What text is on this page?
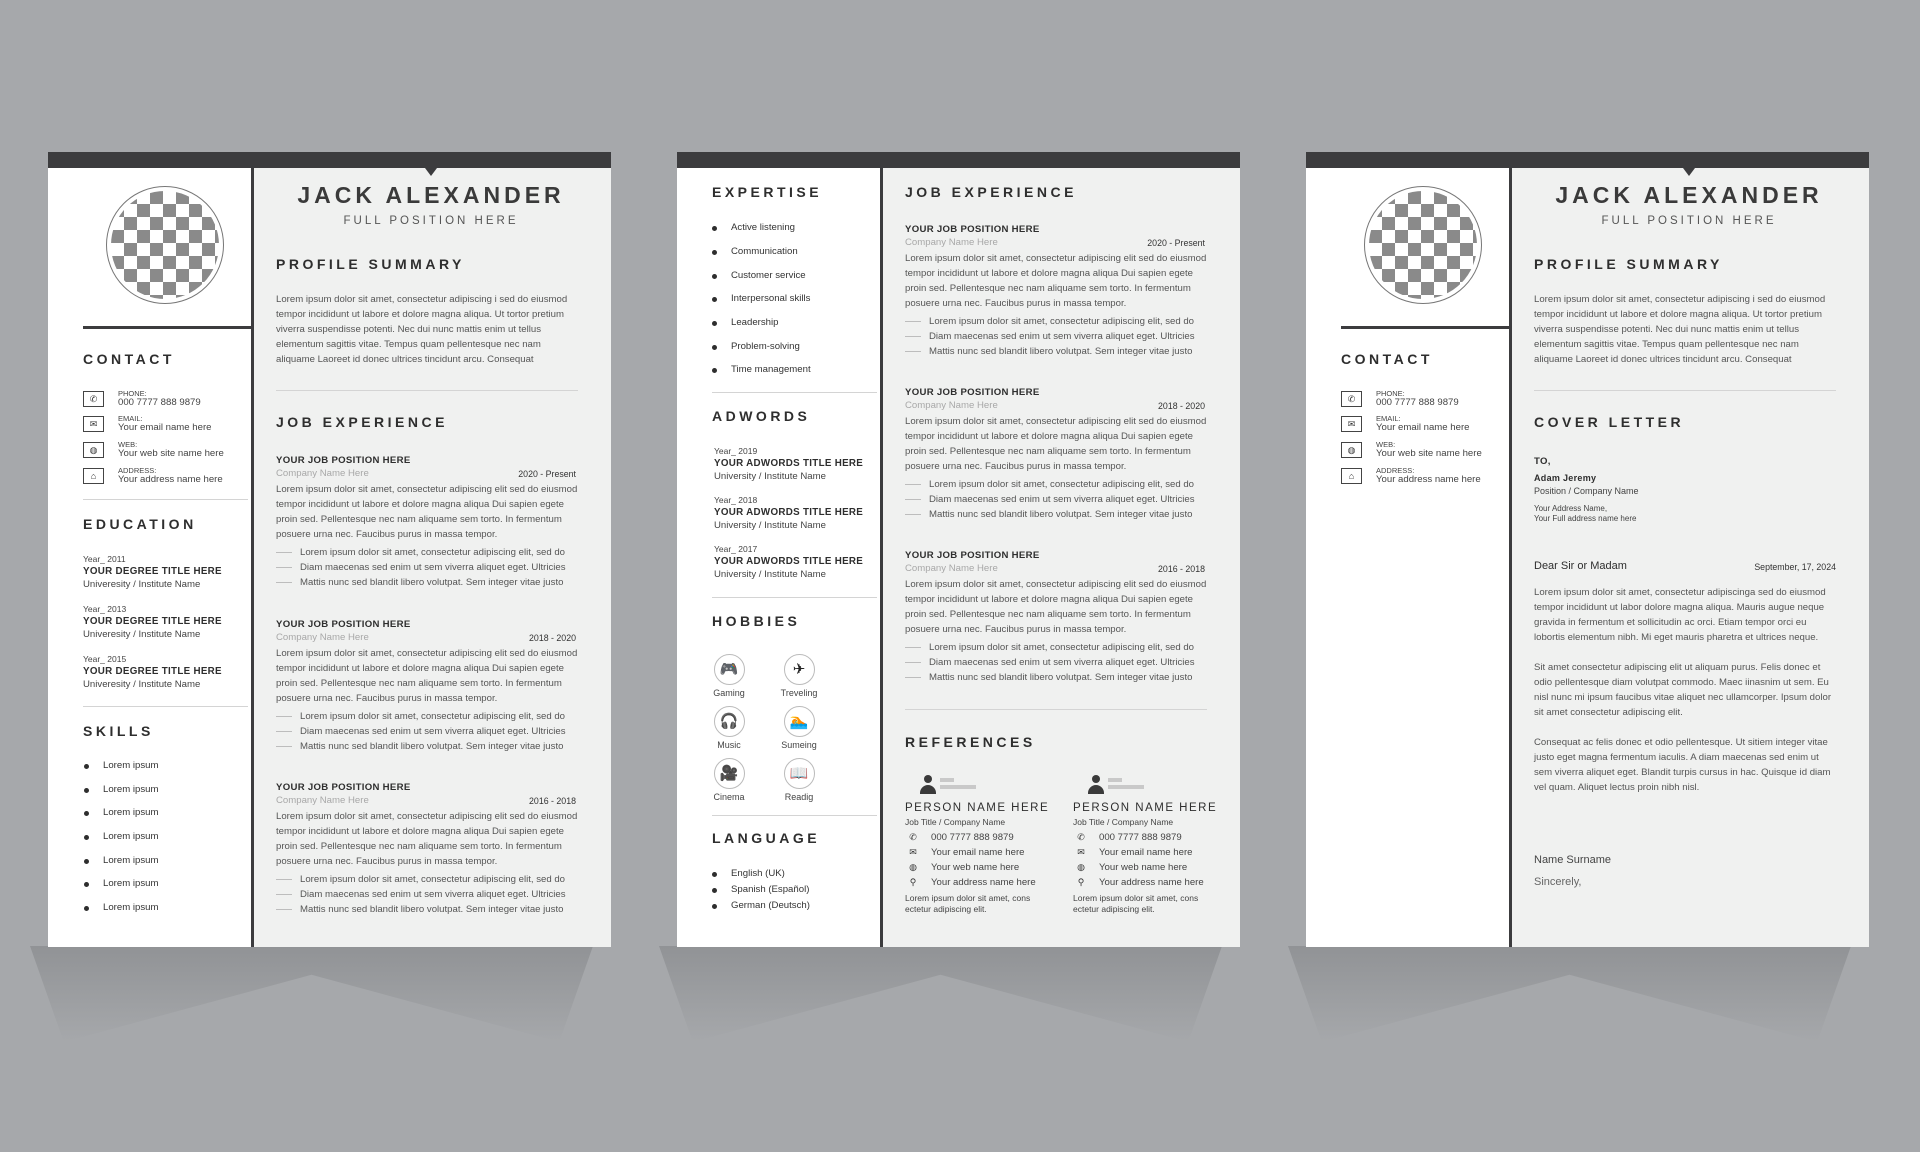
CONTACT
✆
PHONE:
000 7777 888 9879
✉
EMAIL:
Your email name here
◍
WEB:
Your web site name here
⌂
ADDRESS:
Your address name here
EDUCATION
Year_ 2011
YOUR DEGREE TITLE HERE
Univeresity / Institute Name
Year_ 2013
YOUR DEGREE TITLE HERE
Univeresity / Institute Name
Year_ 2015
YOUR DEGREE TITLE HERE
Univeresity / Institute Name
SKILLS
Lorem ipsum
Lorem ipsum
Lorem ipsum
Lorem ipsum
Lorem ipsum
Lorem ipsum
Lorem ipsum
JACK ALEXANDER
FULL POSITION HERE
PROFILE SUMMARY
Lorem ipsum dolor sit amet, consectetur adipiscing i sed do eiusmod tempor incididunt ut labore et dolore magna aliqua. Ut tortor pretium viverra suspendisse potenti. Nec dui nunc mattis enim ut tellus elementum sagittis vitae. Tempus quam pellentesque nec nam aliquame Laoreet id donec ultrices tincidunt arcu. Consequat
JOB EXPERIENCE
YOUR JOB POSITION HERE
Company Name Here	2020 - Present
Lorem ipsum dolor sit amet, consectetur adipiscing elit sed do eiusmod tempor incididunt ut labore et dolore magna aliqua Dui sapien egete proin sed. Pellentesque nec nam aliquame sem torto. In fermentum posuere urna nec. Faucibus purus in massa tempor.
Lorem ipsum dolor sit amet, consectetur adipiscing elit, sed do
Diam maecenas sed enim ut sem viverra aliquet eget. Ultricies
Mattis nunc sed blandit libero volutpat. Sem integer vitae justo
YOUR JOB POSITION HERE
Company Name Here	2018 - 2020
Lorem ipsum dolor sit amet, consectetur adipiscing elit sed do eiusmod tempor incididunt ut labore et dolore magna aliqua Dui sapien egete proin sed. Pellentesque nec nam aliquame sem torto. In fermentum posuere urna nec. Faucibus purus in massa tempor.
Lorem ipsum dolor sit amet, consectetur adipiscing elit, sed do
Diam maecenas sed enim ut sem viverra aliquet eget. Ultricies
Mattis nunc sed blandit libero volutpat. Sem integer vitae justo
YOUR JOB POSITION HERE
Company Name Here	2016 - 2018
Lorem ipsum dolor sit amet, consectetur adipiscing elit sed do eiusmod tempor incididunt ut labore et dolore magna aliqua Dui sapien egete proin sed. Pellentesque nec nam aliquame sem torto. In fermentum posuere urna nec. Faucibus purus in massa tempor.
Lorem ipsum dolor sit amet, consectetur adipiscing elit, sed do
Diam maecenas sed enim ut sem viverra aliquet eget. Ultricies
Mattis nunc sed blandit libero volutpat. Sem integer vitae justo
EXPERTISE
Active listening
Communication
Customer service
Interpersonal skills
Leadership
Problem-solving
Time management
ADWORDS
Year_ 2019
YOUR ADWORDS TITLE HERE
University / Institute Name
Year_ 2018
YOUR ADWORDS TITLE HERE
University / Institute Name
Year_ 2017
YOUR ADWORDS TITLE HERE
University / Institute Name
HOBBIES
🎮
Gaming
✈
Treveling
🎧
Music
🏊
Sumeing
🎥
Cinema
📖
Readig
LANGUAGE
English (UK)
Spanish (Español)
German (Deutsch)
JOB EXPERIENCE
YOUR JOB POSITION HERE
Company Name Here	2020 - Present
Lorem ipsum dolor sit amet, consectetur adipiscing elit sed do eiusmod tempor incididunt ut labore et dolore magna aliqua Dui sapien egete proin sed. Pellentesque nec nam aliquame sem torto. In fermentum posuere urna nec. Faucibus purus in massa tempor.
Lorem ipsum dolor sit amet, consectetur adipiscing elit, sed do
Diam maecenas sed enim ut sem viverra aliquet eget. Ultricies
Mattis nunc sed blandit libero volutpat. Sem integer vitae justo
YOUR JOB POSITION HERE
Company Name Here	2018 - 2020
Lorem ipsum dolor sit amet, consectetur adipiscing elit sed do eiusmod tempor incididunt ut labore et dolore magna aliqua Dui sapien egete proin sed. Pellentesque nec nam aliquame sem torto. In fermentum posuere urna nec. Faucibus purus in massa tempor.
Lorem ipsum dolor sit amet, consectetur adipiscing elit, sed do
Diam maecenas sed enim ut sem viverra aliquet eget. Ultricies
Mattis nunc sed blandit libero volutpat. Sem integer vitae justo
YOUR JOB POSITION HERE
Company Name Here	2016 - 2018
Lorem ipsum dolor sit amet, consectetur adipiscing elit sed do eiusmod tempor incididunt ut labore et dolore magna aliqua Dui sapien egete proin sed. Pellentesque nec nam aliquame sem torto. In fermentum posuere urna nec. Faucibus purus in massa tempor.
Lorem ipsum dolor sit amet, consectetur adipiscing elit, sed do
Diam maecenas sed enim ut sem viverra aliquet eget. Ultricies
Mattis nunc sed blandit libero volutpat. Sem integer vitae justo
REFERENCES
PERSON NAME HERE
Job Title / Company Name
✆ 000 7777 888 9879
✉ Your email name here
◍ Your web name here
⚲ Your address name here
Lorem ipsum dolor sit amet, cons ectetur adipiscing elit.
PERSON NAME HERE
Job Title / Company Name
✆ 000 7777 888 9879
✉ Your email name here
◍ Your web name here
⚲ Your address name here
Lorem ipsum dolor sit amet, cons ectetur adipiscing elit.
CONTACT
✆
PHONE:
000 7777 888 9879
✉
EMAIL:
Your email name here
◍
WEB:
Your web site name here
⌂
ADDRESS:
Your address name here
JACK ALEXANDER
FULL POSITION HERE
PROFILE SUMMARY
Lorem ipsum dolor sit amet, consectetur adipiscing i sed do eiusmod tempor incididunt ut labore et dolore magna aliqua. Ut tortor pretium viverra suspendisse potenti. Nec dui nunc mattis enim ut tellus elementum sagittis vitae. Tempus quam pellentesque nec nam aliquame Laoreet id donec ultrices tincidunt arcu. Consequat
COVER LETTER
TO,
Adam Jeremy
Position / Company Name
Your Address Name,
Your Full address name here
Dear Sir or Madam	September, 17, 2024
Lorem ipsum dolor sit amet, consectetur adipiscinga sed do eiusmod tempor incididunt ut labor dolore magna aliqua. Mauris augue neque gravida in fermentum et sollicitudin ac orci. Etiam tempor orci eu lobortis elementum nibh. Mi eget mauris pharetra et ultrices neque.
Sit amet consectetur adipiscing elit ut aliquam purus. Felis donec et odio pellentesque diam volutpat commodo. Maec iinasnim ut sem. Eu nisl nunc mi ipsum faucibus vitae aliquet nec ullamcorper. Ipsum dolor sit amet consectetur adipiscing elit.
Consequat ac felis donec et odio pellentesque. Ut sitiem integer vitae justo eget magna fermentum iaculis. A diam maecenas sed enim ut sem viverra aliquet eget. Blandit turpis cursus in hac. Quisque id diam vel quam. Aliquet lectus proin nibh nisl.
Name Surname
Sincerely,
